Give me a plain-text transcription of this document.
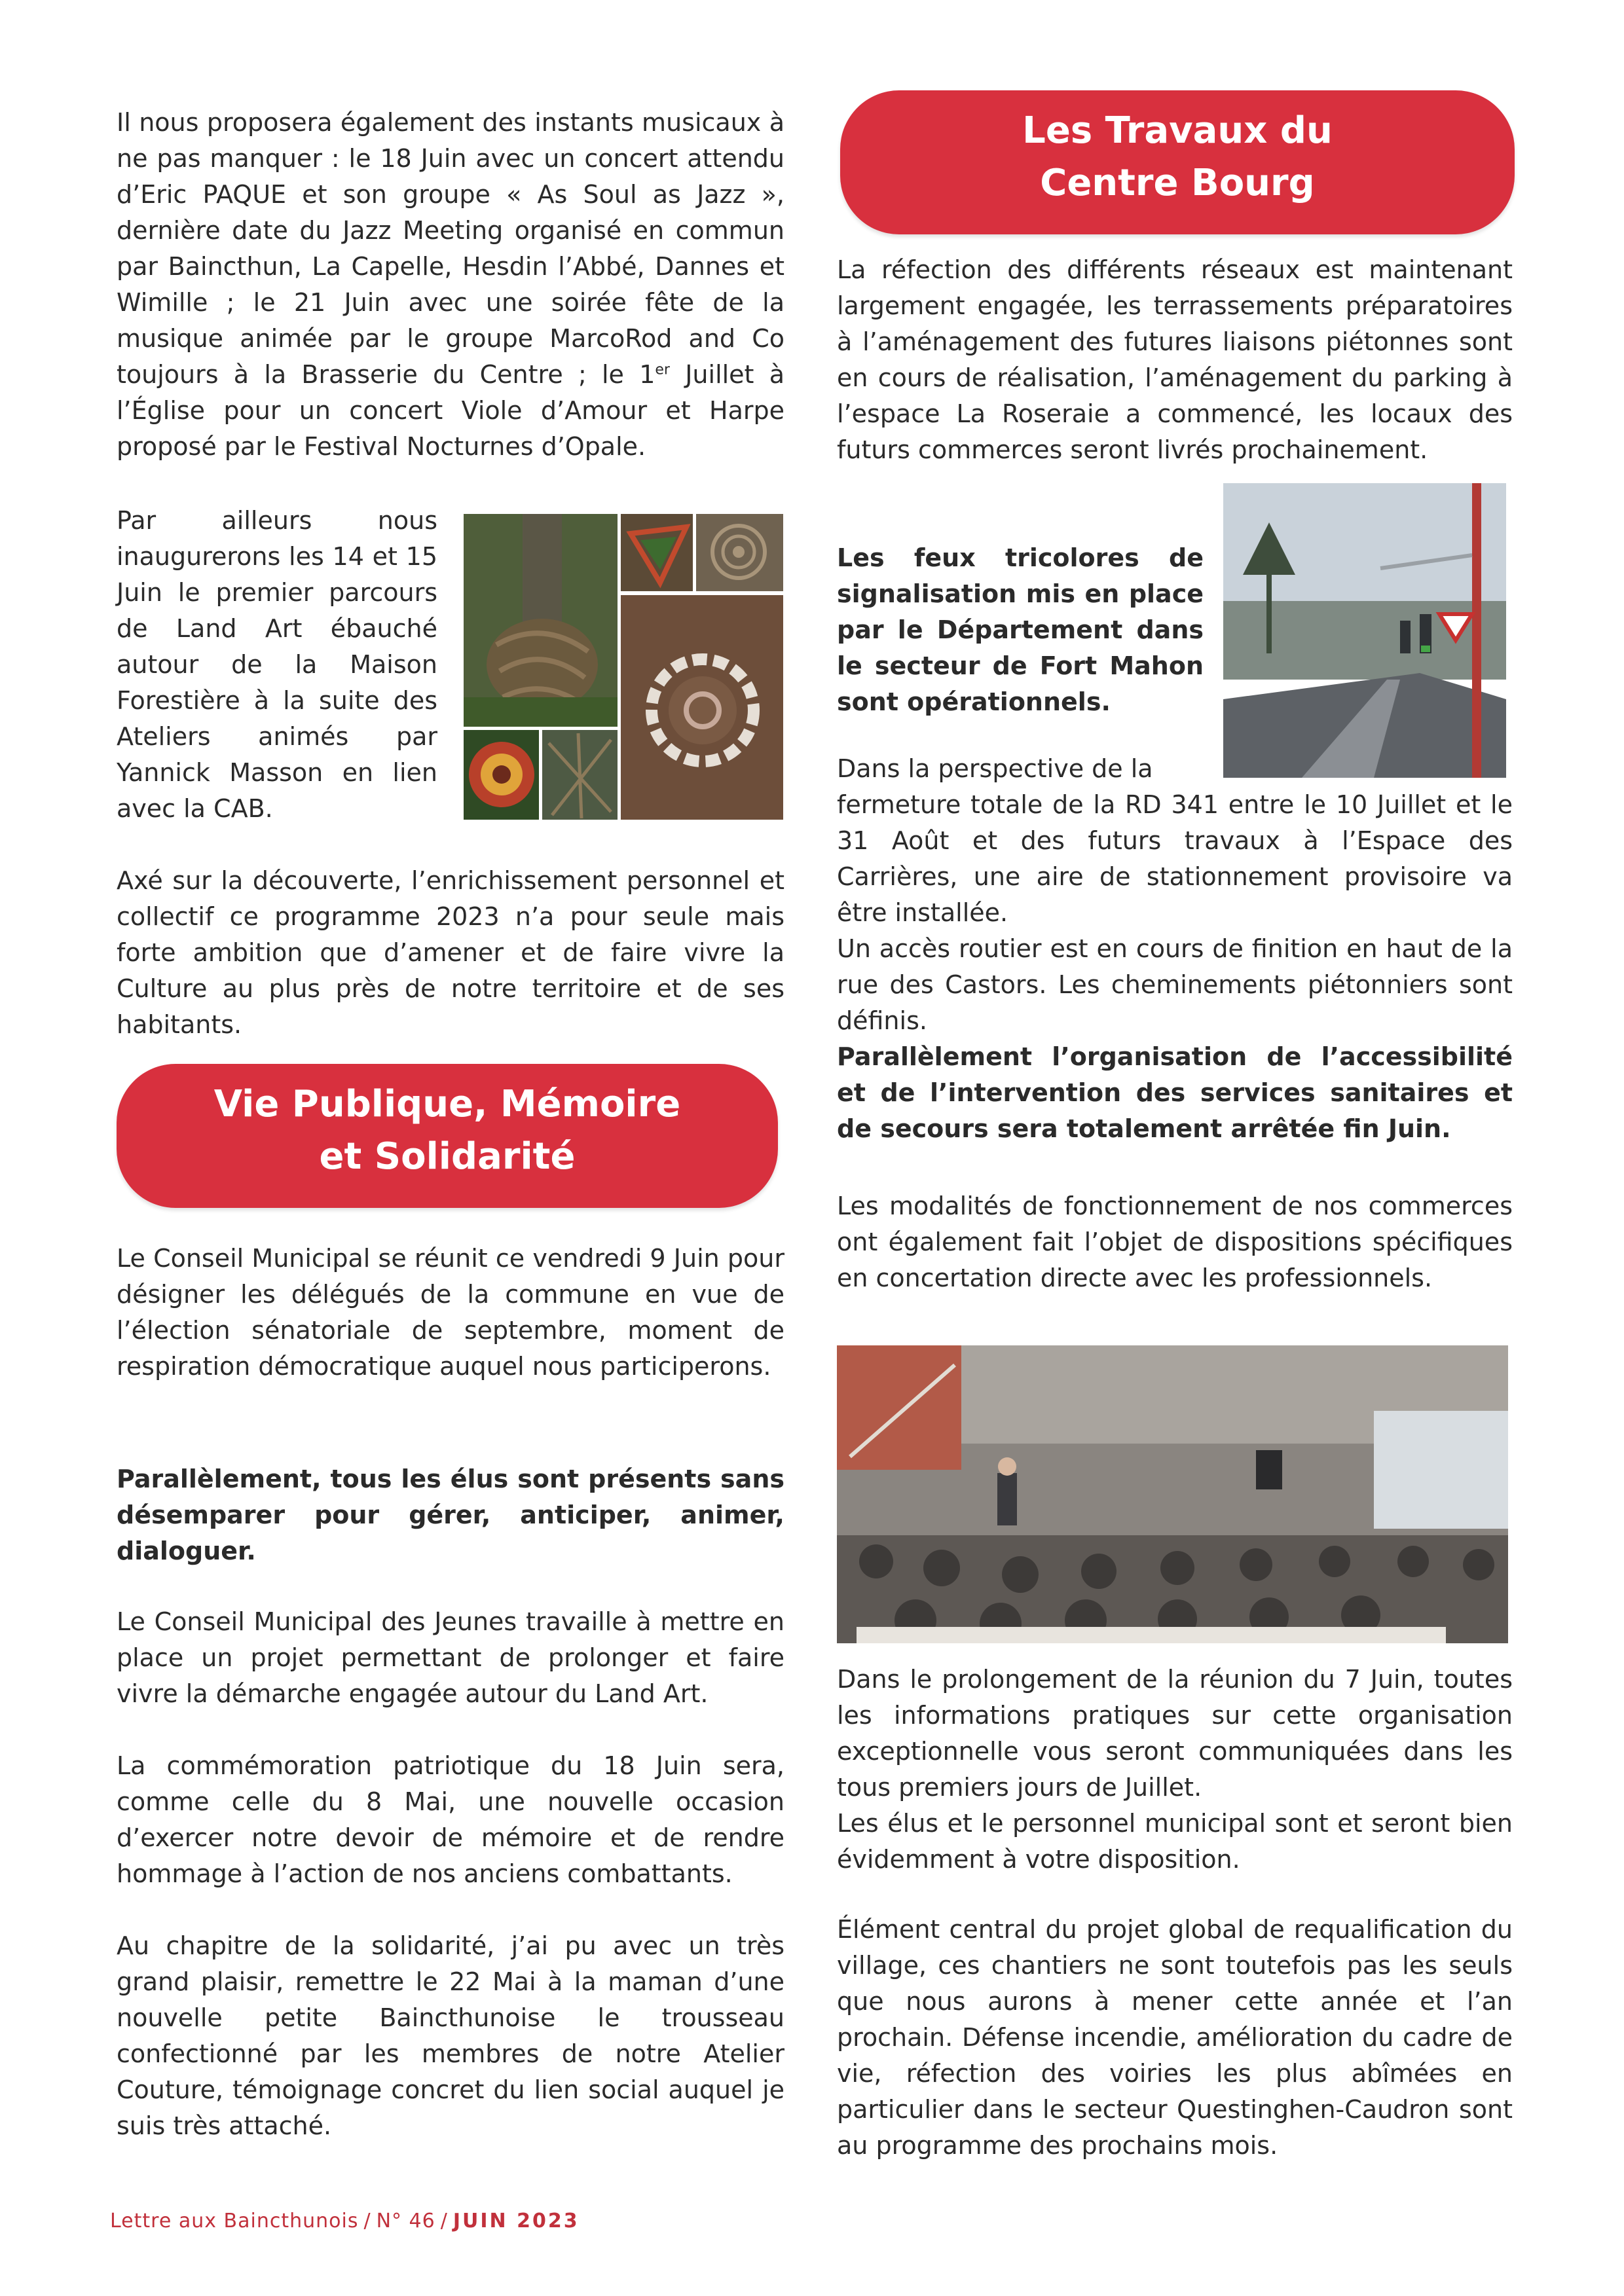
Il nous proposera également des instants musicaux à ne pas manquer : le 18 Juin avec un concert attendu d’Eric PAQUE et son groupe « As Soul as Jazz », dernière date du Jazz Meeting organisé en commun par Baincthun, La Capelle, Hesdin l’Abbé, Dannes et Wimille ; le 21 Juin avec une soirée fête de la musique animée par le groupe MarcoRod and Co toujours à la Brasserie du Centre ; le 1er Juillet à l’Église pour un concert Viole d’Amour et Harpe proposé par le Festival Nocturnes d’Opale.

Par ailleurs nous inaugurerons les 14 et 15 Juin le premier parcours de Land Art ébauché autour de la Maison Forestière à la suite des Ateliers animés par Yannick Masson en lien avec la CAB.

Axé sur la découverte, l’enrichissement personnel et collectif ce programme 2023 n’a pour seule mais forte ambition que d’amener et de faire vivre la Culture au plus près de notre territoire et de ses habitants.

Vie Publique, Mémoire
et Solidarité

Le Conseil Municipal se réunit ce vendredi 9 Juin pour désigner les délégués de la commune en vue de l’élection sénatoriale de septembre, moment de respiration démocratique auquel nous participerons.

Parallèlement, tous les élus sont présents sans désemparer pour gérer, anticiper, animer, dialoguer.

Le Conseil Municipal des Jeunes travaille à mettre en place un projet permettant de prolonger et faire vivre la démarche engagée autour du Land Art.

La commémoration patriotique du 18 Juin sera, comme celle du 8 Mai, une nouvelle occasion d’exercer notre devoir de mémoire et de rendre hommage à l’action de nos anciens combattants.

Au chapitre de la solidarité, j’ai pu avec un très grand plaisir, remettre le 22 Mai à la maman d’une nouvelle petite Baincthunoise le trousseau confectionné par les membres de notre Atelier Couture, témoignage concret du lien social auquel je suis très attaché.

Les Travaux du
Centre Bourg

La réfection des différents réseaux est maintenant largement engagée, les terrassements préparatoires à l’aménagement des futures liaisons piétonnes sont en cours de réalisation, l’aménagement du parking à l’espace La Roseraie a commencé, les locaux des futurs commerces seront livrés prochainement.

Les feux tricolores de signalisation mis en place par le Département dans le secteur de Fort Mahon sont opérationnels.

Dans la perspective de la

fermeture totale de la RD 341 entre le 10 Juillet et le 31 Août et des futurs travaux à l’Espace des Carrières, une aire de stationnement provisoire va être installée.

Un accès routier est en cours de finition en haut de la rue des Castors. Les cheminements piétonniers sont définis.

Parallèlement l’organisation de l’accessibilité et de l’intervention des services sanitaires et de secours sera totalement arrêtée fin Juin.

Les modalités de fonctionnement de nos commerces ont également fait l’objet de dispositions spécifiques en concertation directe avec les professionnels.

Dans le prolongement de la réunion du 7 Juin, toutes les informations pratiques sur cette organisation exceptionnelle vous seront communiquées dans les tous premiers jours de Juillet.

Les élus et le personnel municipal sont et seront bien évidemment à votre disposition.

Élément central du projet global de requalification du village, ces chantiers ne sont toutefois pas les seuls que nous aurons à mener cette année et l’an prochain. Défense incendie, amélioration du cadre de vie, réfection des voiries les plus abîmées en particulier dans le secteur Questinghen-Caudron sont au programme des prochains mois.

Lettre aux Baincthunois / N° 46 / JUIN 2023
